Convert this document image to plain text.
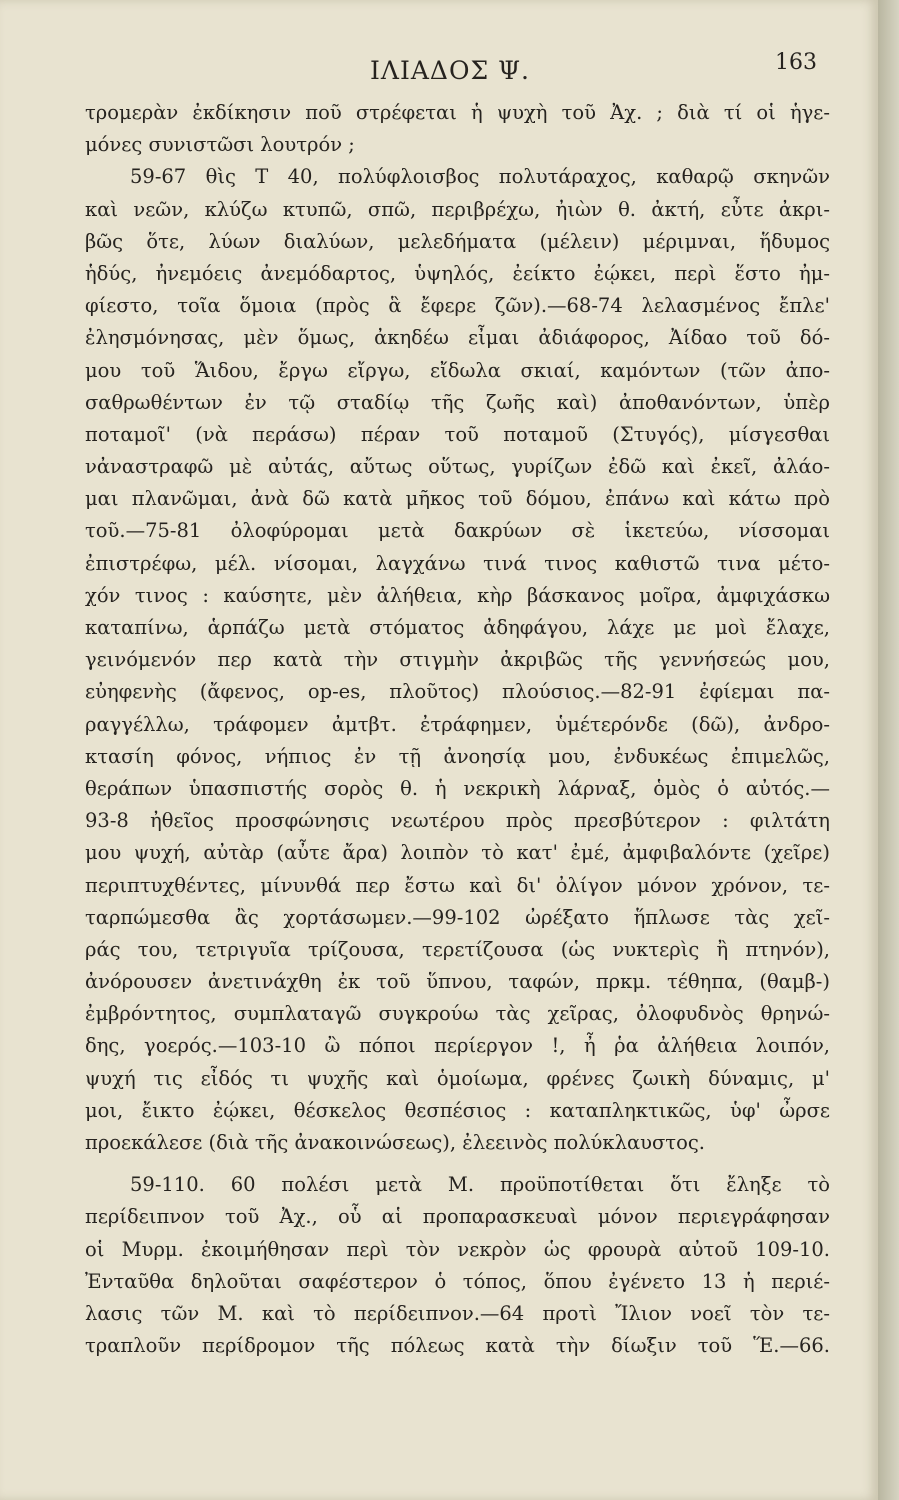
ΙΛΙΑΔΟΣ Ψ.	163
τρομερὰν ἐκδίκησιν ποῦ στρέφεται ἡ ψυχὴ τοῦ Ἀχ. ; διὰ τί οἱ ἡγε-
μόνες συνιστῶσι λουτρόν ;
59-67 θὶς Τ 40, πολύφλοισβος πολυτάραχος, καθαρῷ σκηνῶν
καὶ νεῶν, κλύζω κτυπῶ, σπῶ, περιβρέχω, ἠιὼν θ. ἀκτή, εὖτε ἀκρι-
βῶς ὅτε, λύων διαλύων, μελεδήματα (μέλειν) μέριμναι, ἥδυμος
ἡδύς, ἠνεμόεις ἀνεμόδαρτος, ὑψηλός, ἐείκτο ἐῴκει, περὶ ἕστο ἠμ-
φίεστο, τοῖα ὅμοια (πρὸς ἃ ἔφερε ζῶν).—68-74 λελασμένος ἔπλε'
ἐλησμόνησας, μὲν ὅμως, ἀκηδέω εἶμαι ἀδιάφορος, Ἀίδαο τοῦ δό-
μου τοῦ Ἅιδου, ἔργω εἴργω, εἴδωλα σκιαί, καμόντων (τῶν ἀπο-
σαθρωθέντων ἐν τῷ σταδίῳ τῆς ζωῆς καὶ) ἀποθανόντων, ὑπὲρ
ποταμοῖ' (νὰ περάσω) πέραν τοῦ ποταμοῦ (Στυγός), μίσγεσθαι
νἀναστραφῶ μὲ αὐτάς, αὔτως οὕτως, γυρίζων ἐδῶ καὶ ἐκεῖ, ἀλάο-
μαι πλανῶμαι, ἀνὰ δῶ κατὰ μῆκος τοῦ δόμου, ἐπάνω καὶ κάτω πρὸ
τοῦ.—75-81 ὀλοφύρομαι μετὰ δακρύων σὲ ἱκετεύω, νίσσομαι
ἐπιστρέφω, μέλ. νίσομαι, λαγχάνω τινά τινος καθιστῶ τινα μέτο-
χόν τινος : καύσητε, μὲν ἀλήθεια, κὴρ βάσκανος μοῖρα, ἀμφιχάσκω
καταπίνω, ἁρπάζω μετὰ στόματος ἀδηφάγου, λάχε με μοὶ ἔλαχε,
γεινόμενόν περ κατὰ τὴν στιγμὴν ἀκριβῶς τῆς γεννήσεώς μου,
εὐηφενὴς (ἄφενος, op-es, πλοῦτος) πλούσιος.—82-91 ἐφίεμαι πα-
ραγγέλλω, τράφομεν ἀμτβτ. ἐτράφημεν, ὑμέτερόνδε (δῶ), ἀνδρο-
κτασίη φόνος, νήπιος ἐν τῇ ἀνοησίᾳ μου, ἐνδυκέως ἐπιμελῶς,
θεράπων ὑπασπιστής σορὸς θ. ἡ νεκρικὴ λάρναξ, ὁμὸς ὁ αὐτός.—
93-8 ἠθεῖος προσφώνησις νεωτέρου πρὸς πρεσβύτερον : φιλτάτη
μου ψυχή, αὐτὰρ (αὖτε ἄρα) λοιπὸν τὸ κατ' ἐμέ, ἀμφιβαλόντε (χεῖρε)
περιπτυχθέντες, μίνυνθά περ ἔστω καὶ δι' ὀλίγον μόνον χρόνον, τε-
ταρπώμεσθα ἂς χορτάσωμεν.—99-102 ὠρέξατο ἥπλωσε τὰς χεῖ-
ράς του, τετριγυῖα τρίζουσα, τερετίζουσα (ὡς νυκτερὶς ἢ πτηνόν),
ἀνόρουσεν ἀνετινάχθη ἐκ τοῦ ὕπνου, ταφών, πρκμ. τέθηπα, (θαμβ-)
ἐμβρόντητος, συμπλαταγῶ συγκρούω τὰς χεῖρας, ὀλοφυδνὸς θρηνώ-
δης, γοερός.—103-10 ὢ πόποι περίεργον !, ἦ ῥα ἀλήθεια λοιπόν,
ψυχή τις εἶδός τι ψυχῆς καὶ ὁμοίωμα, φρένες ζωικὴ δύναμις, μ'
μοι, ἔικτο ἐῴκει, θέσκελος θεσπέσιος : καταπληκτικῶς, ὑφ' ὦρσε
προεκάλεσε (διὰ τῆς ἀνακοινώσεως), ἐλεεινὸς πολύκλαυστος.
59-110. 60 πολέσι μετὰ Μ. προϋποτίθεται ὅτι ἔληξε τὸ
περίδειπνον τοῦ Ἀχ., οὗ αἱ προπαρασκευαὶ μόνον περιεγράφησαν
οἱ Μυρμ. ἐκοιμήθησαν περὶ τὸν νεκρὸν ὡς φρουρὰ αὐτοῦ 109-10.
Ἐνταῦθα δηλοῦται σαφέστερον ὁ τόπος, ὅπου ἐγένετο 13 ἡ περιέ-
λασις τῶν Μ. καὶ τὸ περίδειπνον.—64 προτὶ Ἴλιον νοεῖ τὸν τε-
τραπλοῦν περίδρομον τῆς πόλεως κατὰ τὴν δίωξιν τοῦ Ἕ.—66.
